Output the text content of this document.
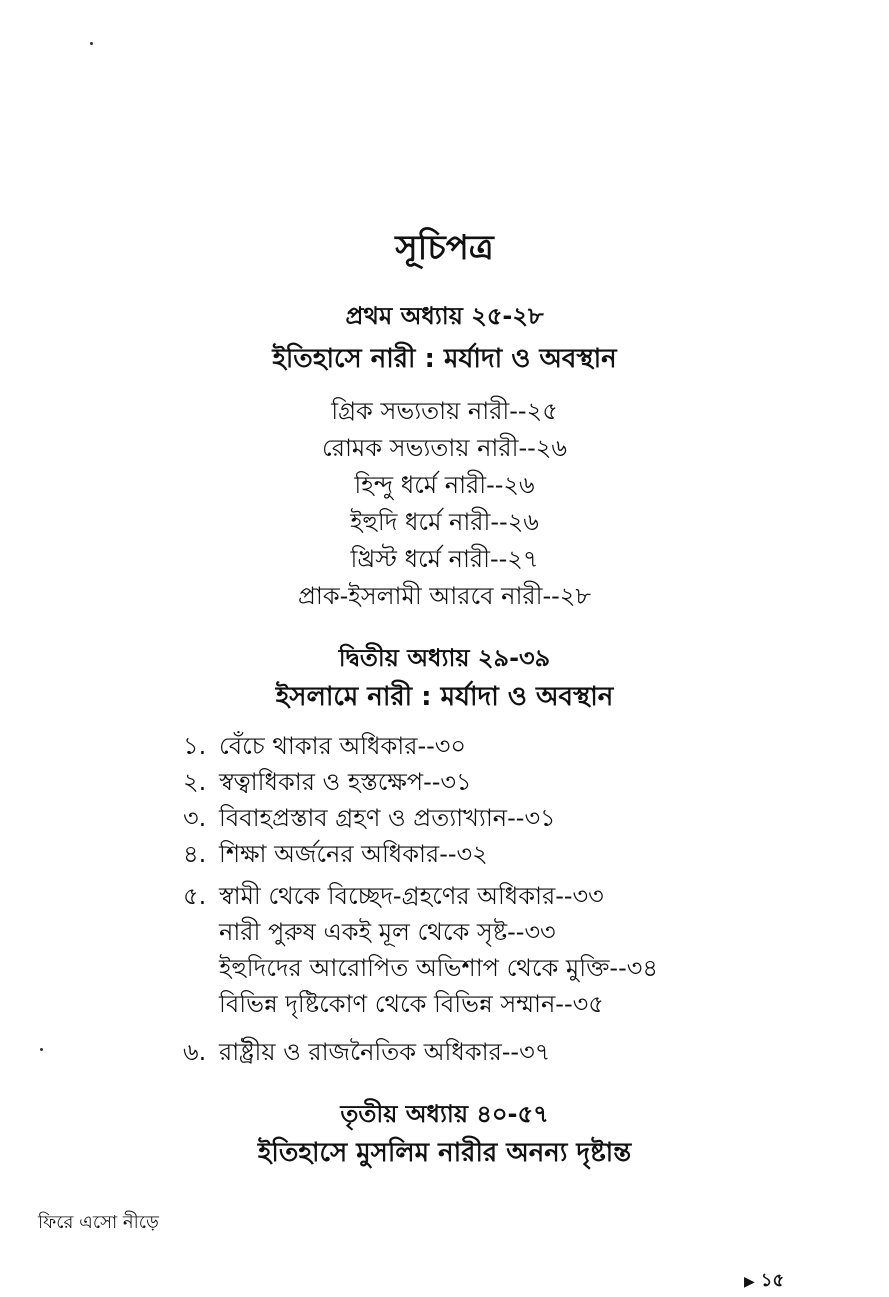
সূচিপত্র
প্রথম অধ্যায় ২৫-২৮
ইতিহাসে নারী : মর্যাদা ও অবস্থান
গ্রিক সভ্যতায় নারী--২৫
রোমক সভ্যতায় নারী--২৬
হিন্দু ধর্মে নারী--২৬
ইহুদি ধর্মে নারী--২৬
খ্রিস্ট ধর্মে নারী--২৭
প্রাক-ইসলামী আরবে নারী--২৮
দ্বিতীয় অধ্যায় ২৯-৩৯
ইসলামে নারী : মর্যাদা ও অবস্থান
১. বেঁচে থাকার অধিকার--৩০
২. স্বত্বাধিকার ও হস্তক্ষেপ--৩১
৩. বিবাহপ্রস্তাব গ্রহণ ও প্রত্যাখ্যান--৩১
৪. শিক্ষা অর্জনের অধিকার--৩২
৫. স্বামী থেকে বিচ্ছেদ-গ্রহণের অধিকার--৩৩
নারী পুরুষ একই মূল থেকে সৃষ্ট--৩৩
ইহুদিদের আরোপিত অভিশাপ থেকে মুক্তি--৩৪
বিভিন্ন দৃষ্টিকোণ থেকে বিভিন্ন সম্মান--৩৫
৬. রাষ্ট্রীয় ও রাজনৈতিক অধিকার--৩৭
তৃতীয় অধ্যায় ৪০-৫৭
ইতিহাসে মুসলিম নারীর অনন্য দৃষ্টান্ত
ফিরে এসো নীড়ে
▶ ১৫
